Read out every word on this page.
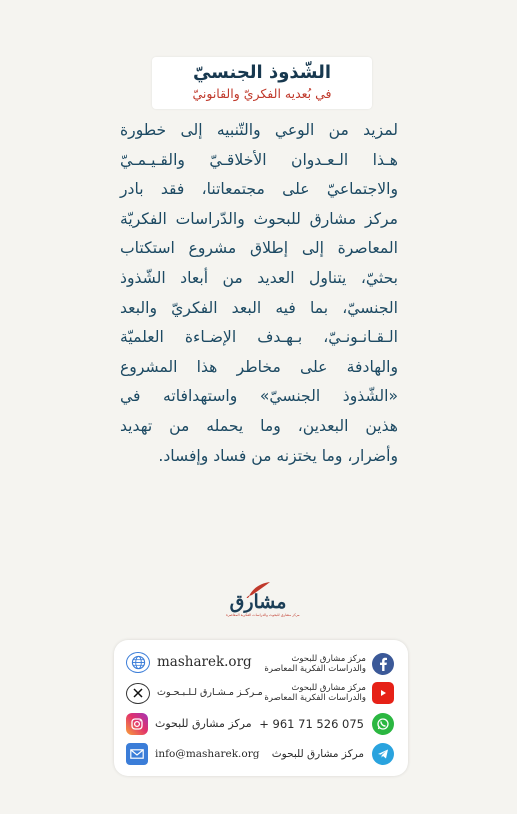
الشّذوذ الجنسيّ
في بُعديه الفكريّ والقانونيّ
لمزيد من الوعي والتّنبيه إلى خطورة
هـذا الـعـدوان الأخلاقـيّ والقـيـمـيّ
والاجتماعيّ على مجتمعاتنا، فقد بادر
مركز مشارق للبحوث والدّراسات الفكريّة
المعاصرة إلى إطلاق مشروع استكتاب
بحثيّ، يتناول العديد من أبعاد الشّذوذ
الجنسيّ، بما فيه البعد الفكريّ والبعد
الـقـانـونـيّ، بـهـدف الإضـاءة العلميّة
والهادفة على مخاطر هذا المشروع
«الشّذوذ الجنسيّ» واستهدافاته في
هذين البعدين، وما يحمله من تهديد
وأضرار، وما يختزنه من فساد وإفساد.
مشارق
مركز مشارق للبحوث والدراسات الفكرية المعاصرة
مركز مشارق للبحوث
والدراسات الفكرية المعاصرة
مركز مشارق للبحوث
والدراسات الفكرية المعاصرة
+ 961 71 526 075
مركز مشارق للبحوث
masharek.org
مـركـز مـشـارق لـلـبـحـوث
مركز مشارق للبحوث
info@masharek.org
